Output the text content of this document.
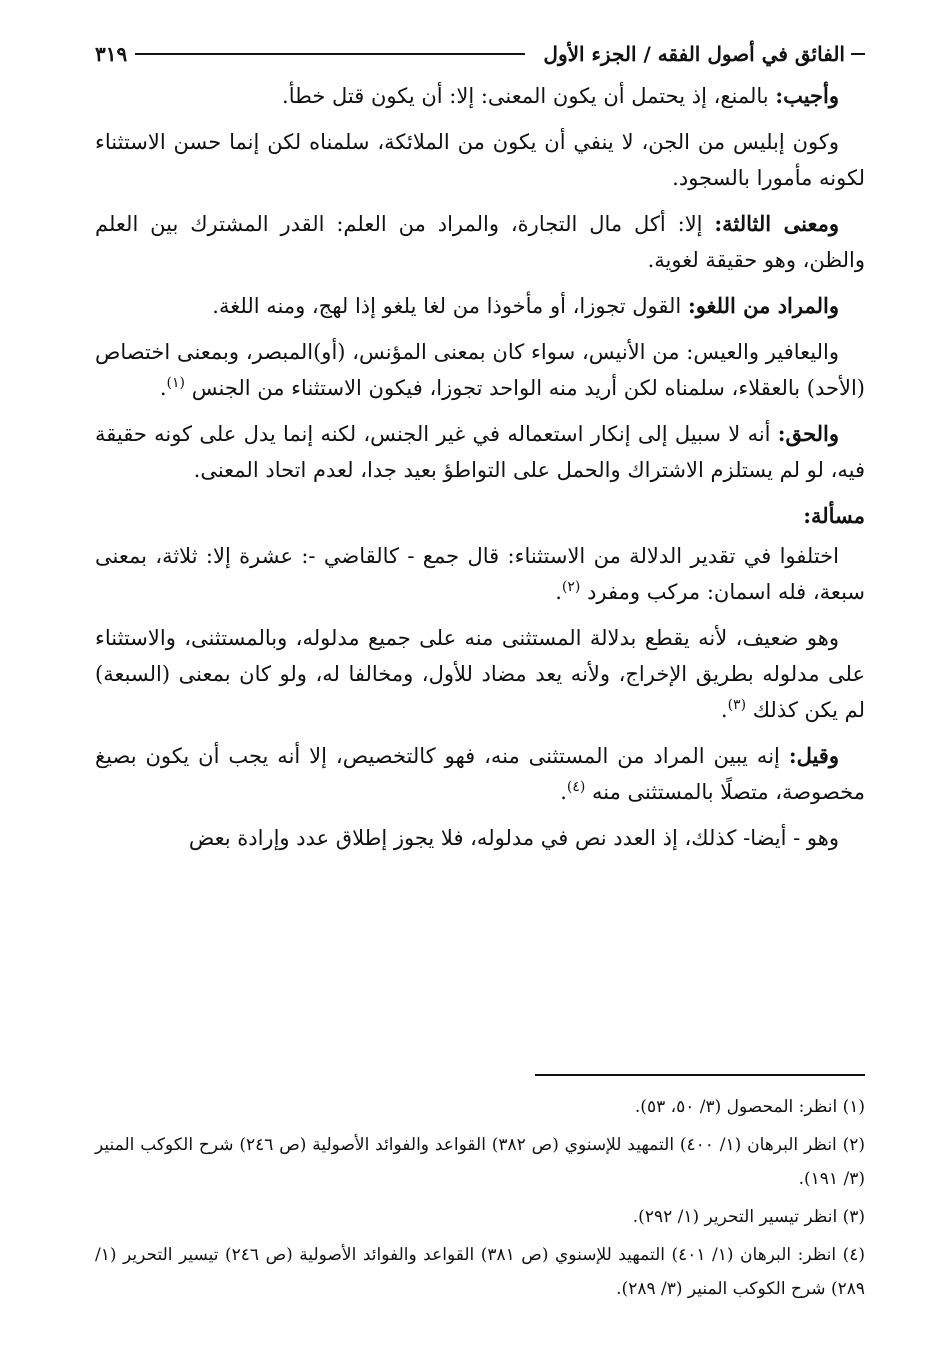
الفائق في أصول الفقه / الجزء الأول
٣١٩

وأجيب: بالمنع، إذ يحتمل أن يكون المعنى: إلا: أن يكون قتل خطأ.

وكون إبليس من الجن، لا ينفي أن يكون من الملائكة، سلمناه لكن إنما حسن الاستثناء لكونه مأمورا بالسجود.

ومعنى الثالثة: إلا: أكل مال التجارة، والمراد من العلم: القدر المشترك بين العلم والظن، وهو حقيقة لغوية.

والمراد من اللغو: القول تجوزا، أو مأخوذا من لغا يلغو إذا لهج، ومنه اللغة.

واليعافير والعيس: من الأنيس، سواء كان بمعنى المؤنس، (أو)المبصر، وبمعنى اختصاص (الأحد) بالعقلاء، سلمناه لكن أريد منه الواحد تجوزا، فيكون الاستثناء من الجنس $^{(١)}$.

والحق: أنه لا سبيل إلى إنكار استعماله في غير الجنس، لكنه إنما يدل على كونه حقيقة فيه، لو لم يستلزم الاشتراك والحمل على التواطؤ بعيد جدا، لعدم اتحاد المعنى.

مسألة:

اختلفوا في تقدير الدلالة من الاستثناء: قال جمع - كالقاضي -: عشرة إلا: ثلاثة، بمعنى سبعة، فله اسمان: مركب ومفرد $^{(٢)}$.

وهو ضعيف، لأنه يقطع بدلالة المستثنى منه على جميع مدلوله، وبالمستثنى، والاستثناء على مدلوله بطريق الإخراج، ولأنه يعد مضاد للأول، ومخالفا له، ولو كان بمعنى (السبعة) لم يكن كذلك $^{(٣)}$.

وقيل: إنه يبين المراد من المستثنى منه، فهو كالتخصيص، إلا أنه يجب أن يكون بصيغ مخصوصة، متصلًا بالمستثنى منه $^{(٤)}$.

وهو - أيضا- كذلك، إذ العدد نص في مدلوله، فلا يجوز إطلاق عدد وإرادة بعض

(١) انظر: المحصول (٣/ ٥٠، ٥٣).

(٢) انظر البرهان (١/ ٤٠٠) التمهيد للإسنوي (ص ٣٨٢) القواعد والفوائد الأصولية (ص ٢٤٦) شرح الكوكب المنير (٣/ ١٩١).

(٣) انظر تيسير التحرير (١/ ٢٩٢).

(٤) انظر: البرهان (١/ ٤٠١) التمهيد للإسنوي (ص ٣٨١) القواعد والفوائد الأصولية (ص ٢٤٦) تيسير التحرير (١/ ٢٨٩) شرح الكوكب المنير (٣/ ٢٨٩).
